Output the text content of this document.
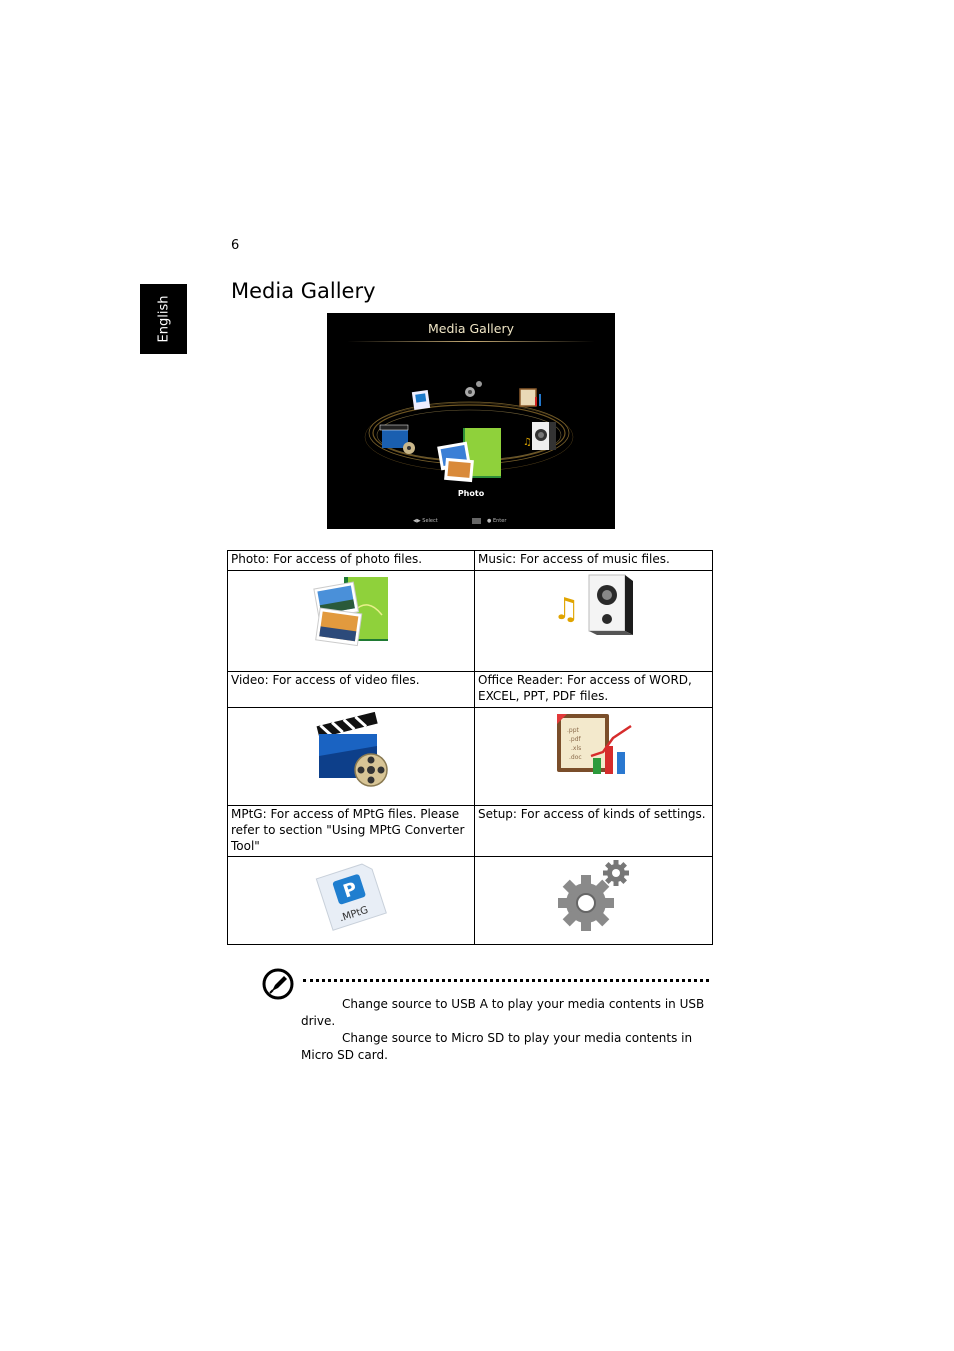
6
English
Media Gallery
♫
Media Gallery
Photo
◀▶ Select	● Enter
Photo: For access of photo files.	Music: For access of music files.

♫

Video: For access of video files.	Office Reader: For access of WORD, EXCEL, PPT, PDF files.

.ppt
.pdf
.xls
.doc

MPtG: For access of MPtG files. Please refer to section "Using MPtG Converter Tool"	Setup: For access of kinds of settings.

P
.MPtG

Change source to USB A to play your media contents in USB drive.

Change source to Micro SD to play your media contents in Micro SD card.
